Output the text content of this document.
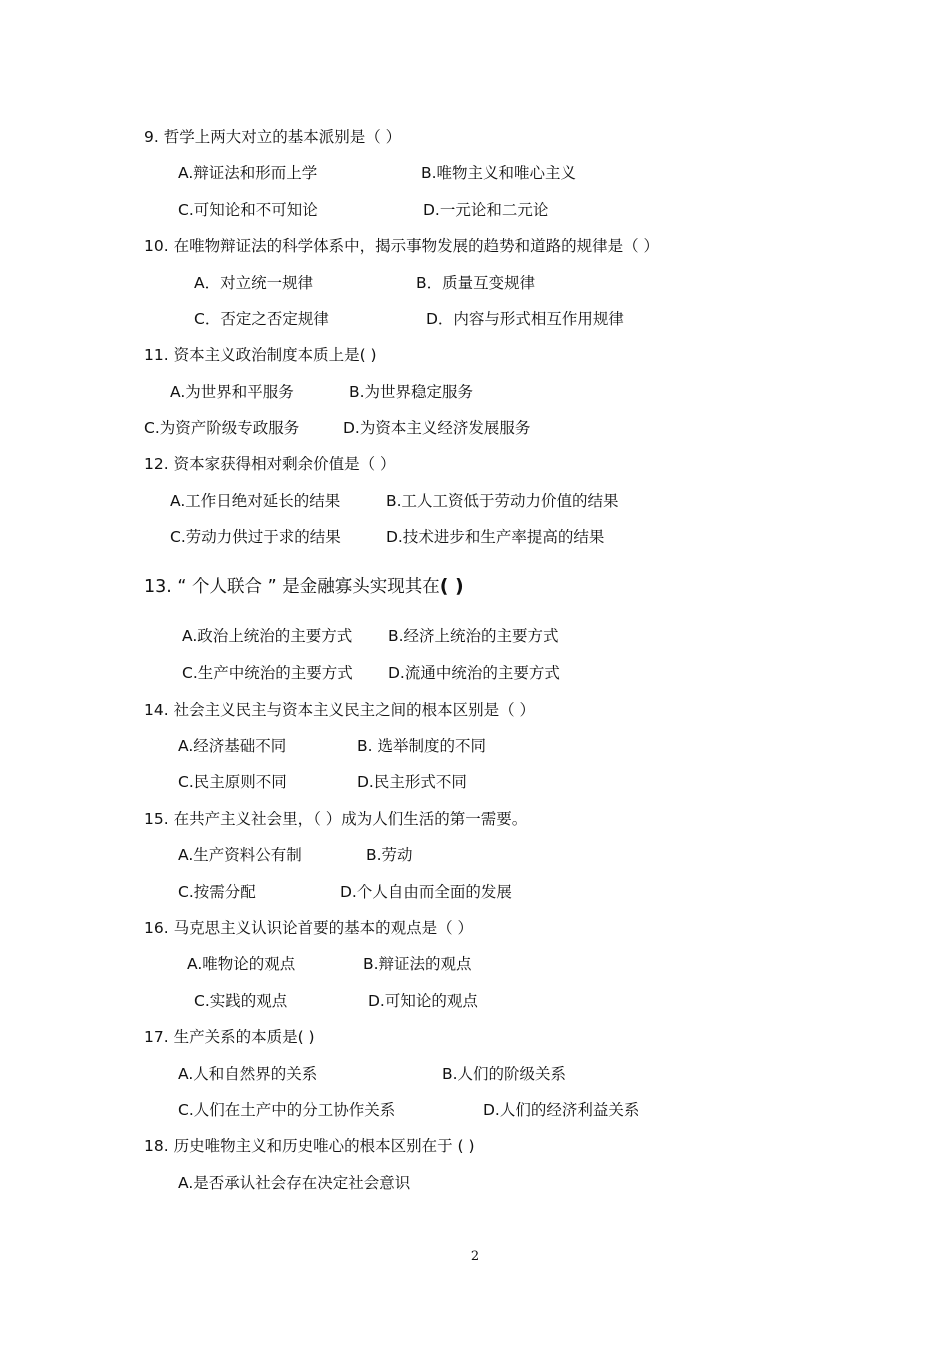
9. 哲学上两大对立的基本派别是（ ）
A.辩证法和形而上学	B.唯物主义和唯心主义
C.可知论和不可知论	D.一元论和二元论
10. 在唯物辩证法的科学体系中，揭示事物发展的趋势和道路的规律是（ ）
A．对立统一规律	B．质量互变规律
C．否定之否定规律	D．内容与形式相互作用规律
11. 资本主义政治制度本质上是( )
A.为世界和平服务	B.为世界稳定服务
C.为资产阶级专政服务	D.为资本主义经济发展服务
12. 资本家获得相对剩余价值是（ ）
A.工作日绝对延长的结果	B.工人工资低于劳动力价值的结果
C.劳动力供过于求的结果	D.技术进步和生产率提高的结果
13. “ 个人联合 ” 是金融寡头实现其在( )
A.政治上统治的主要方式 B.经济上统治的主要方式
C.生产中统治的主要方式 D.流通中统治的主要方式
14. 社会主义民主与资本主义民主之间的根本区别是（ ）
A.经济基础不同	B. 选举制度的不同
C.民主原则不同	D.民主形式不同
15. 在共产主义社会里，（ ）成为人们生活的第一需要。
A.生产资料公有制	B.劳动
C.按需分配	D.个人自由而全面的发展
16. 马克思主义认识论首要的基本的观点是（ ）
A.唯物论的观点	B.辩证法的观点
C.实践的观点	D.可知论的观点
17. 生产关系的本质是( )
A.人和自然界的关系	B.人们的阶级关系
C.人们在土产中的分工协作关系	D.人们的经济利益关系
18. 历史唯物主义和历史唯心的根本区别在于 ( )
A.是否承认社会存在决定社会意识
2
